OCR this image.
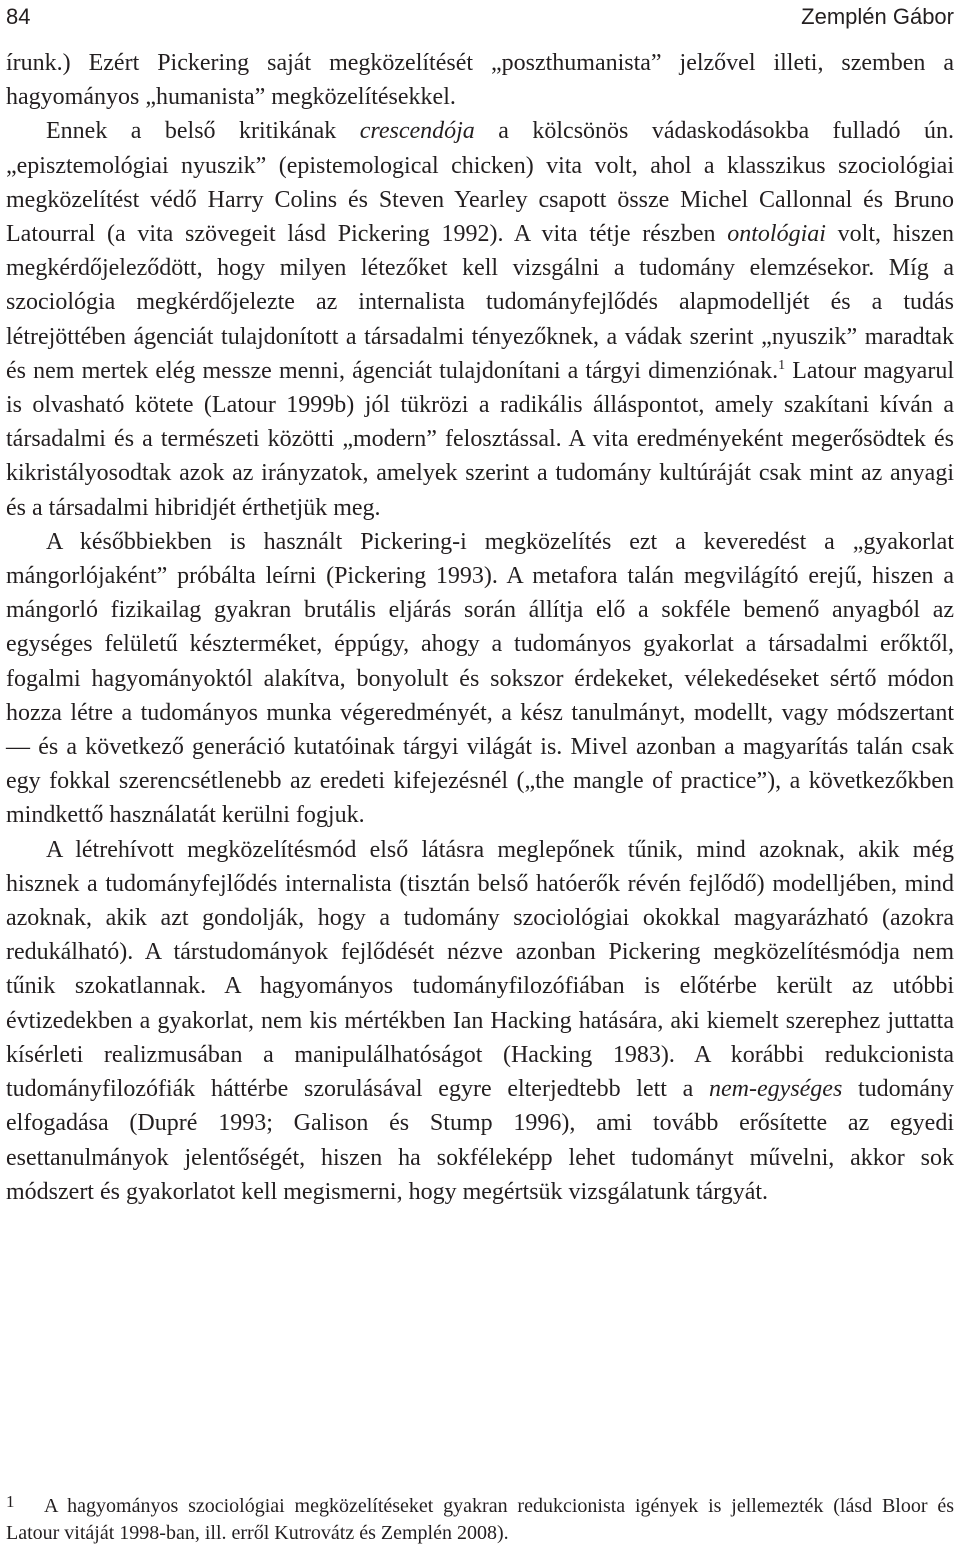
84	Zemplén Gábor

írunk.) Ezért Pickering saját megközelítését „poszthumanista” jelzővel illeti, szemben a hagyományos „humanista” megközelítésekkel.

Ennek a belső kritikának crescendója a kölcsönös vádaskodásokba fulladó ún. „episztemológiai nyuszik” (epistemological chicken) vita volt, ahol a klasszikus szociológiai megközelítést védő Harry Colins és Steven Yearley csapott össze Michel Callonnal és Bruno Latourral (a vita szövegeit lásd Pickering 1992). A vita tétje részben ontológiai volt, hiszen megkérdőjeleződött, hogy milyen létezőket kell vizsgálni a tudomány elemzésekor. Míg a szociológia megkérdőjelezte az internalista tudományfejlődés alapmodelljét és a tudás létrejöttében ágenciát tulajdonított a társadalmi tényezőknek, a vádak szerint „nyuszik” maradtak és nem mertek elég messze menni, ágenciát tulajdonítani a tárgyi dimenziónak.$^1$ Latour magyarul is olvasható kötete (Latour 1999b) jól tükrözi a radikális álláspontot, amely szakítani kíván a társadalmi és a természeti közötti „modern” felosztással. A vita eredményeként megerősödtek és kikristályosodtak azok az irányzatok, amelyek szerint a tudomány kultúráját csak mint az anyagi és a társadalmi hibridjét érthetjük meg.

A későbbiekben is használt Pickering-i megközelítés ezt a keveredést a „gyakorlat mángorlójaként” próbálta leírni (Pickering 1993). A metafora talán megvilágító erejű, hiszen a mángorló fizikailag gyakran brutális eljárás során állítja elő a sokféle bemenő anyagból az egységes felületű készterméket, éppúgy, ahogy a tudományos gyakorlat a társadalmi erőktől, fogalmi hagyományoktól alakítva, bonyolult és sokszor érdekeket, vélekedéseket sértő módon hozza létre a tudományos munka végeredményét, a kész tanulmányt, modellt, vagy módszertant — és a következő generáció kutatóinak tárgyi világát is. Mivel azonban a magyarítás talán csak egy fokkal szerencsétlenebb az eredeti kifejezésnél („the mangle of practice”), a következőkben mindkettő használatát kerülni fogjuk.

A létrehívott megközelítésmód első látásra meglepőnek tűnik, mind azoknak, akik még hisznek a tudományfejlődés internalista (tisztán belső hatóerők révén fejlődő) modelljében, mind azoknak, akik azt gondolják, hogy a tudomány szociológiai okokkal magyarázható (azokra redukálható). A társtudományok fejlődését nézve azonban Pickering megközelítésmódja nem tűnik szokatlannak. A hagyományos tudományfilozófiában is előtérbe került az utóbbi évtizedekben a gyakorlat, nem kis mértékben Ian Hacking hatására, aki kiemelt szerephez juttatta kísérleti realizmusában a manipulálhatóságot (Hacking 1983). A korábbi redukcionista tudományfilozófiák háttérbe szorulásával egyre elterjedtebb lett a nem-egységes tudomány elfogadása (Dupré 1993; Galison és Stump 1996), ami tovább erősítette az egyedi esettanulmányok jelentőségét, hiszen ha sokféleképp lehet tudományt művelni, akkor sok módszert és gyakorlatot kell megismerni, hogy megértsük vizsgálatunk tárgyát.

1 A hagyományos szociológiai megközelítéseket gyakran redukcionista igények is jellemezték (lásd Bloor és Latour vitáját 1998-ban, ill. erről Kutrovátz és Zemplén 2008).
